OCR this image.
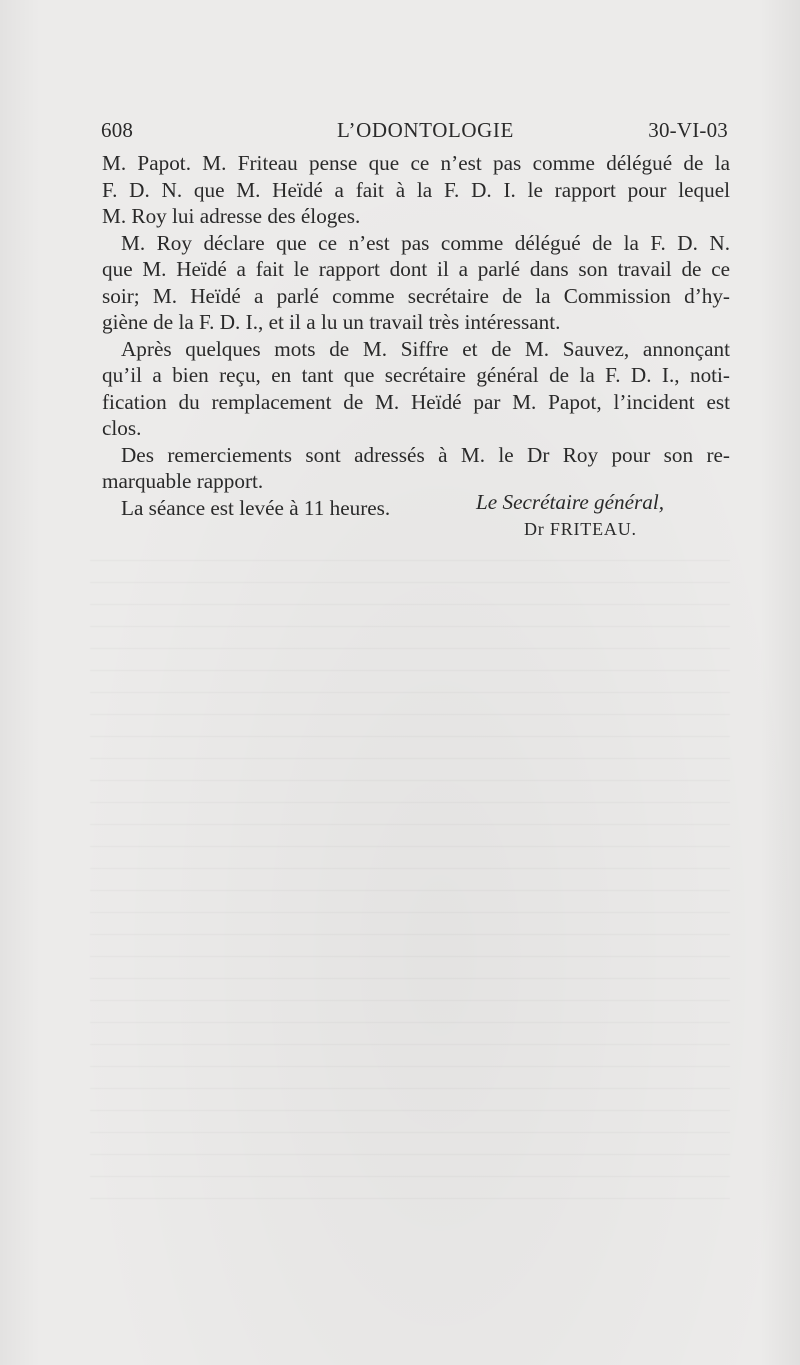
608	L’ODONTOLOGIE	30-VI-03
M. Papot. M. Friteau pense que ce n’est pas comme délégué de la
F. D. N. que M. Heïdé a fait à la F. D. I. le rapport pour lequel
M. Roy lui adresse des éloges.
M. Roy déclare que ce n’est pas comme délégué de la F. D. N.
que M. Heïdé a fait le rapport dont il a parlé dans son travail de ce
soir; M. Heïdé a parlé comme secrétaire de la Commission d’hy-
giène de la F. D. I., et il a lu un travail très intéressant.
Après quelques mots de M. Siffre et de M. Sauvez, annonçant
qu’il a bien reçu, en tant que secrétaire général de la F. D. I., noti-
fication du remplacement de M. Heïdé par M. Papot, l’incident est
clos.
Des remerciements sont adressés à M. le Dr Roy pour son re-
marquable rapport.
La séance est levée à 11 heures.	Le Secrétaire général,
Dr FRITEAU.
